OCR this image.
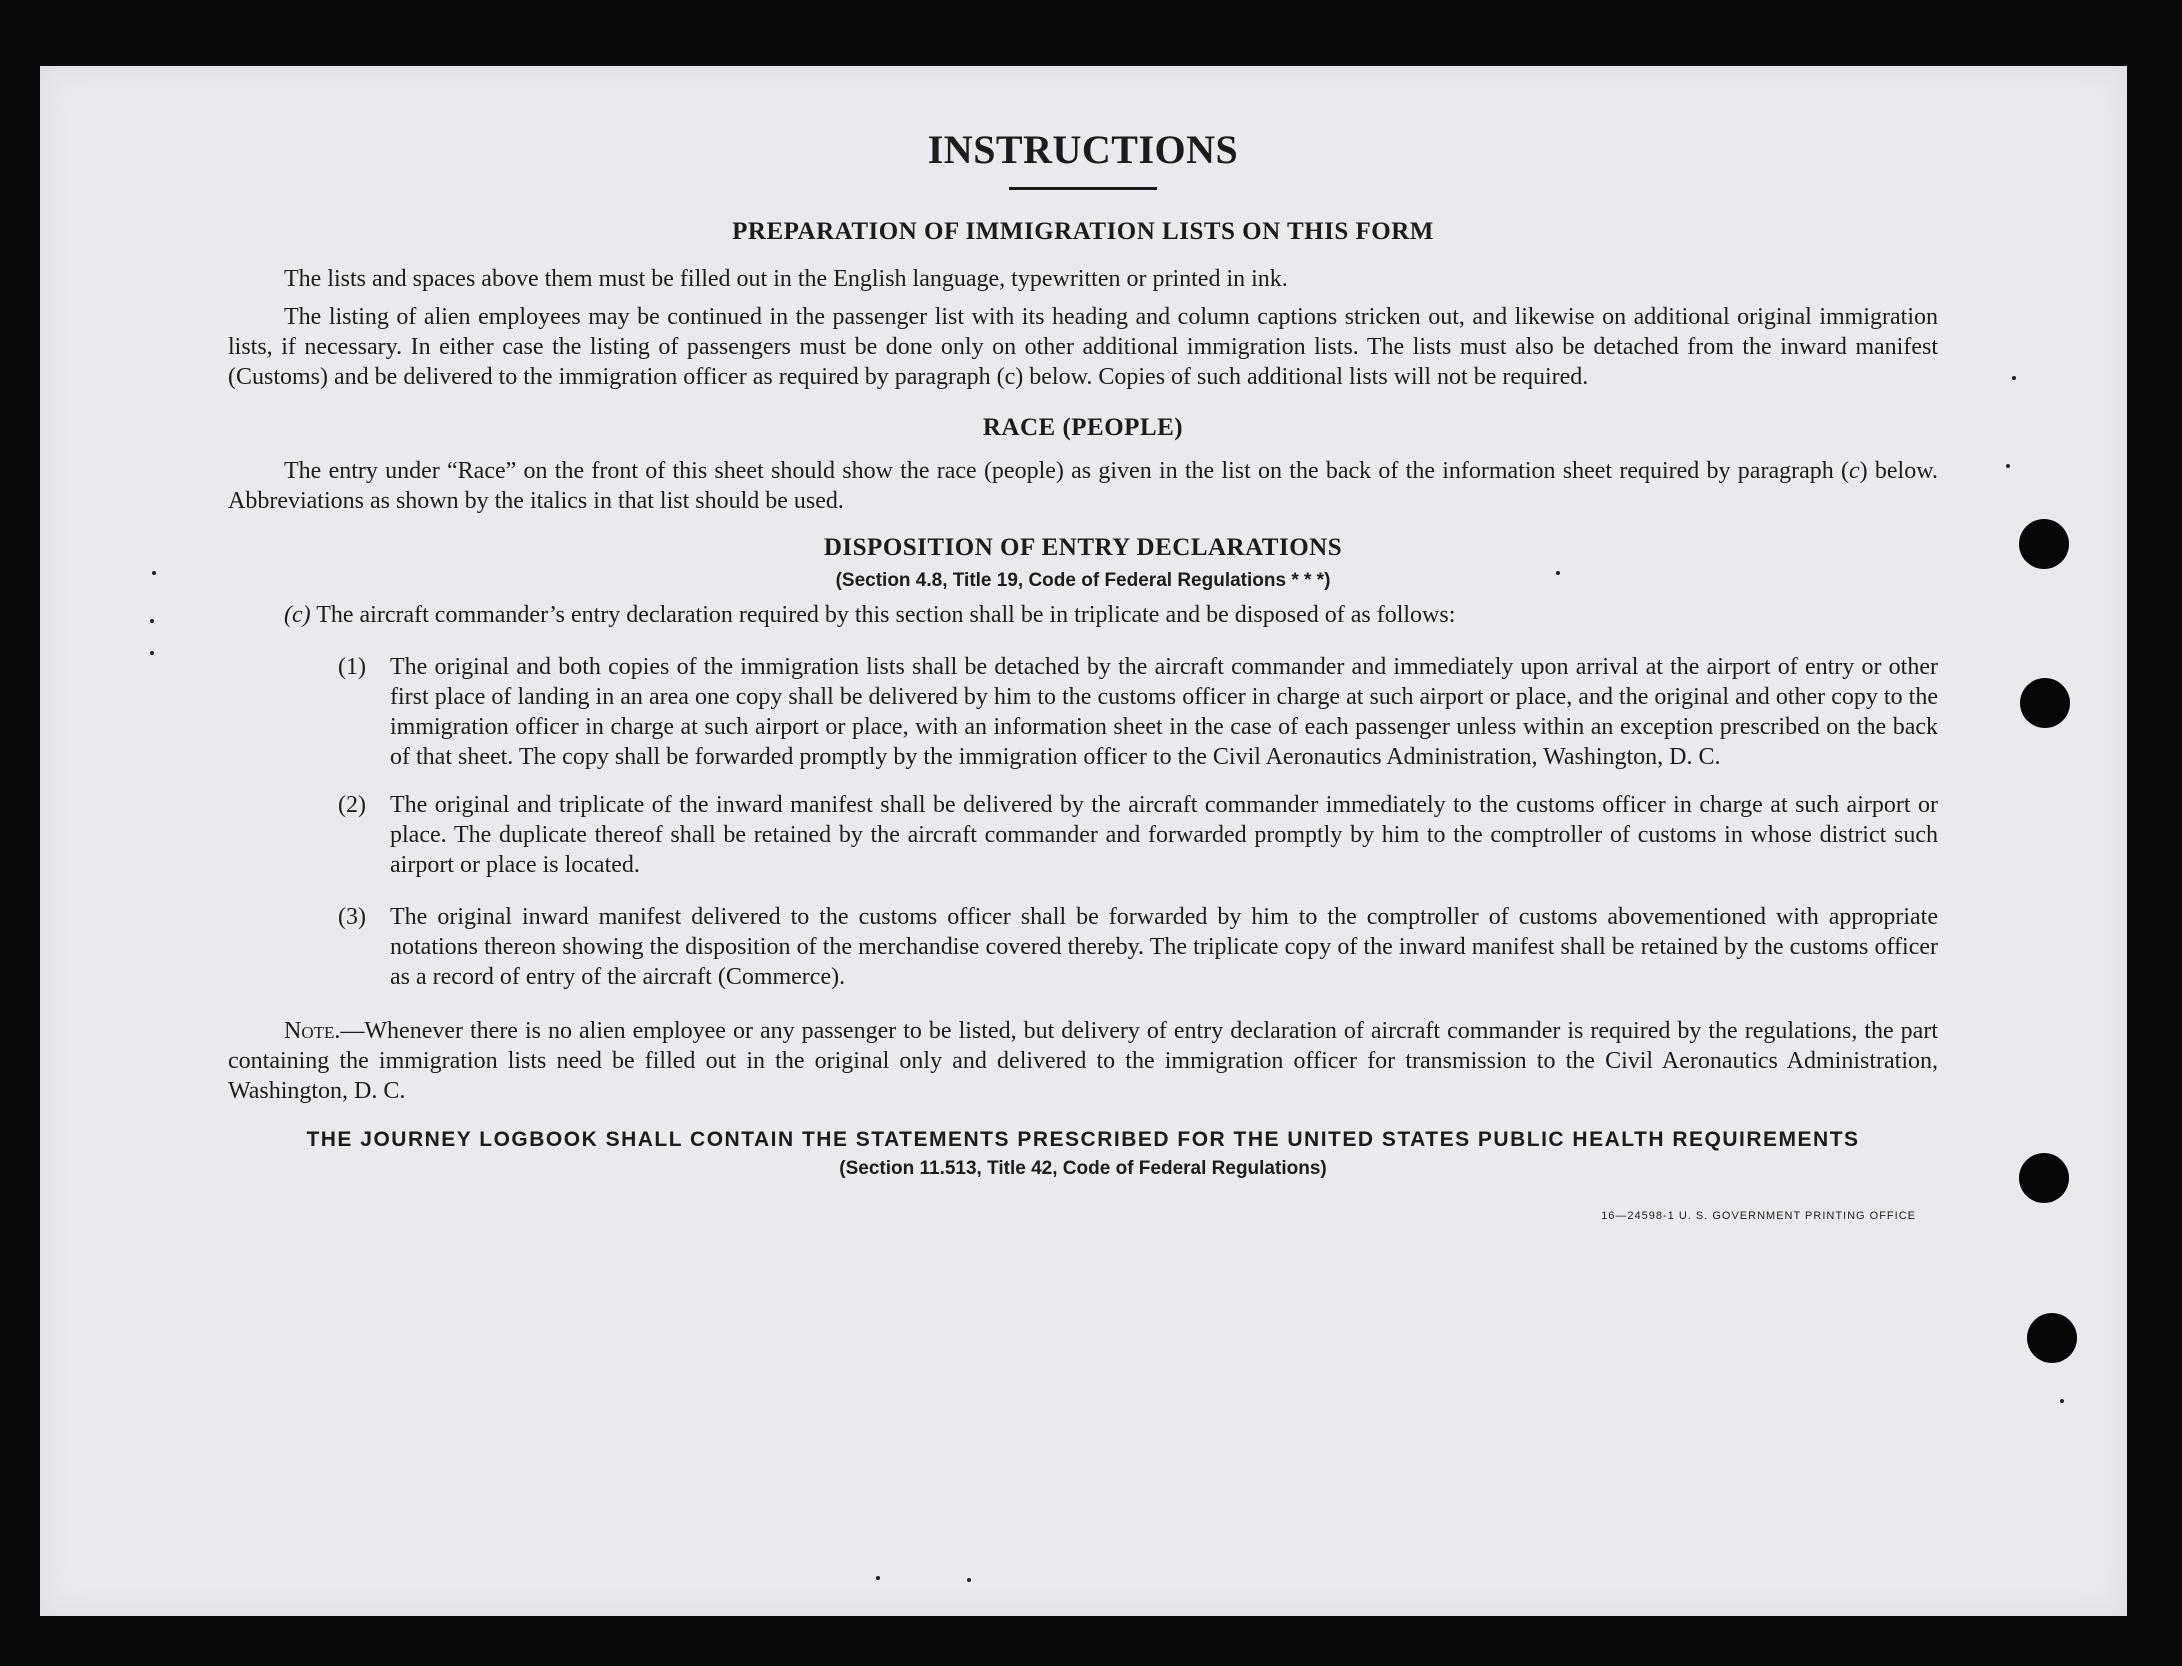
INSTRUCTIONS
PREPARATION OF IMMIGRATION LISTS ON THIS FORM

The lists and spaces above them must be filled out in the English language, typewritten or printed in ink.

The listing of alien employees may be continued in the passenger list with its heading and column captions stricken out, and likewise on additional original immigration lists, if necessary. In either case the listing of passengers must be done only on other additional immigration lists. The lists must also be detached from the inward manifest (Customs) and be delivered to the immigration officer as required by paragraph (c) below. Copies of such additional lists will not be required.

RACE (PEOPLE)

The entry under “Race” on the front of this sheet should show the race (people) as given in the list on the back of the information sheet required by paragraph (c) below. Abbreviations as shown by the italics in that list should be used.

DISPOSITION OF ENTRY DECLARATIONS

(Section 4.8, Title 19, Code of Federal Regulations * * *)

(c) The aircraft commander’s entry declaration required by this section shall be in triplicate and be disposed of as follows:

(1) The original and both copies of the immigration lists shall be detached by the aircraft commander and immediately upon arrival at the airport of entry or other first place of landing in an area one copy shall be delivered by him to the customs officer in charge at such airport or place, and the original and other copy to the immigration officer in charge at such airport or place, with an information sheet in the case of each passenger unless within an exception prescribed on the back of that sheet. The copy shall be forwarded promptly by the immigration officer to the Civil Aeronautics Administration, Washington, D. C.

(2) The original and triplicate of the inward manifest shall be delivered by the aircraft commander immediately to the customs officer in charge at such airport or place. The duplicate thereof shall be retained by the aircraft commander and forwarded promptly by him to the comptroller of customs in whose district such airport or place is located.

(3) The original inward manifest delivered to the customs officer shall be forwarded by him to the comptroller of customs abovementioned with appropriate notations thereon showing the disposition of the merchandise covered thereby. The triplicate copy of the inward manifest shall be retained by the customs officer as a record of entry of the aircraft (Commerce).

Note.—Whenever there is no alien employee or any passenger to be listed, but delivery of entry declaration of aircraft commander is required by the regulations, the part containing the immigration lists need be filled out in the original only and delivered to the immigration officer for transmission to the Civil Aeronautics Administration, Washington, D. C.

THE JOURNEY LOGBOOK SHALL CONTAIN THE STATEMENTS PRESCRIBED FOR THE UNITED STATES PUBLIC HEALTH REQUIREMENTS

(Section 11.513, Title 42, Code of Federal Regulations)

16—24598-1 U. S. GOVERNMENT PRINTING OFFICE
